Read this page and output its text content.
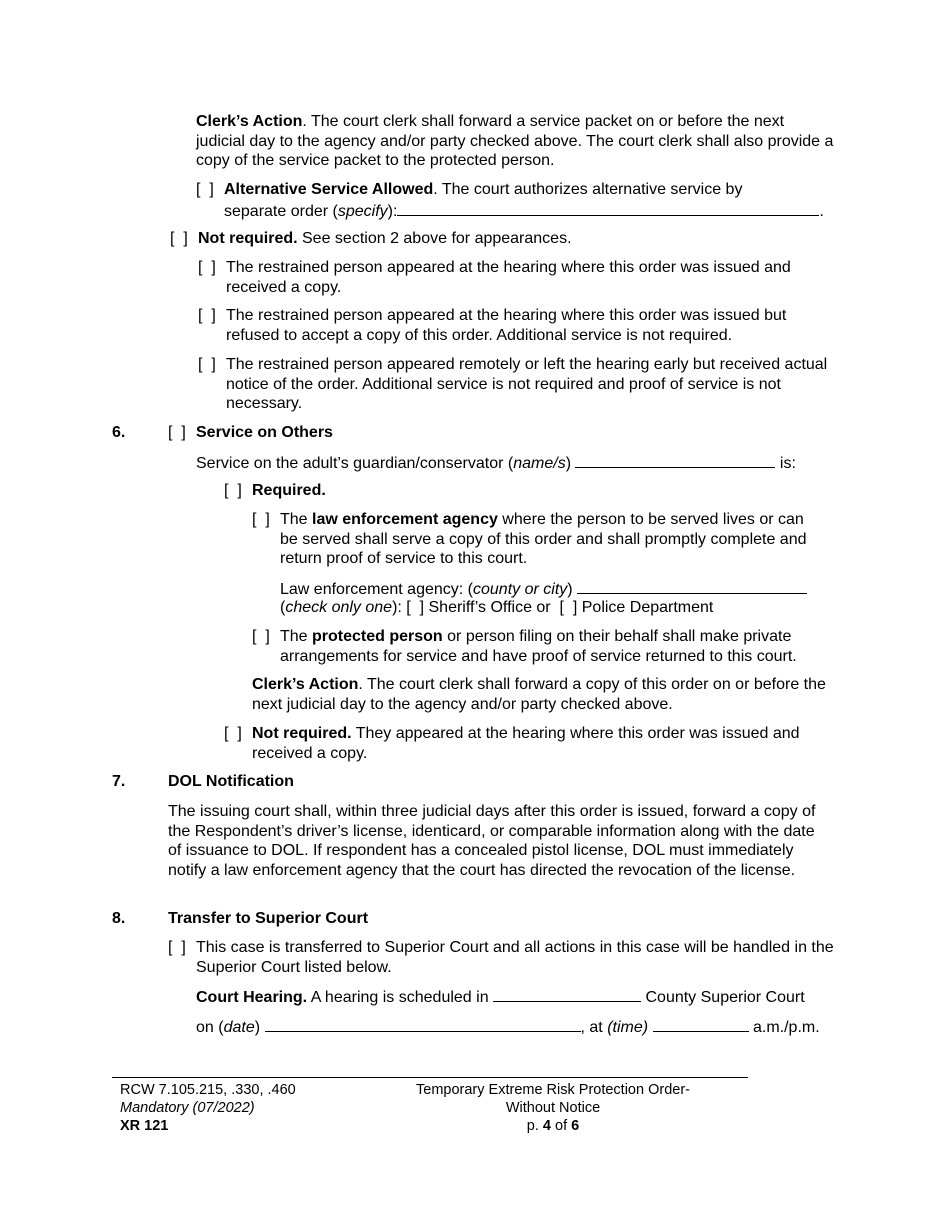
Clerk’s Action. The court clerk shall forward a service packet on or before the next judicial day to the agency and/or party checked above. The court clerk shall also provide a copy of the service packet to the protected person.

[  ] Alternative Service Allowed. The court authorizes alternative service by
separate order (specify):	.
[  ] Not required. See section 2 above for appearances.
[  ] The restrained person appeared at the hearing where this order was issued and received a copy.

[  ] The restrained person appeared at the hearing where this order was issued but refused to accept a copy of this order. Additional service is not required.

[  ] The restrained person appeared remotely or left the hearing early but received actual notice of the order. Additional service is not required and proof of service is not necessary.

6.	[  ] Service on Others
Service on the adult’s guardian/conservator (name/s)	is:
[  ] Required.
[  ] The law enforcement agency where the person to be served lives or can be served shall serve a copy of this order and shall promptly complete and return proof of service to this court.

Law enforcement agency: (county or city)
(check only one): [  ] Sheriff’s Office or  [  ] Police Department
[  ] The protected person or person filing on their behalf shall make private arrangements for service and have proof of service returned to this court.

Clerk’s Action. The court clerk shall forward a copy of this order on or before the next judicial day to the agency and/or party checked above.

[  ] Not required. They appeared at the hearing where this order was issued and received a copy.

7.	DOL Notification

The issuing court shall, within three judicial days after this order is issued, forward a copy of the Respondent’s driver’s license, identicard, or comparable information along with the date of issuance to DOL. If respondent has a concealed pistol license, DOL must immediately notify a law enforcement agency that the court has directed the revocation of the license.

8.	Transfer to Superior Court
[  ] This case is transferred to Superior Court and all actions in this case will be handled in the Superior Court listed below.

Court Hearing. A hearing is scheduled in	County Superior Court
on (date)	, at (time)	a.m./p.m.
RCW 7.105.215, .330, .460
Mandatory (07/2022)
XR 121
Temporary Extreme Risk Protection Order-
Without Notice
p. 4 of 6
